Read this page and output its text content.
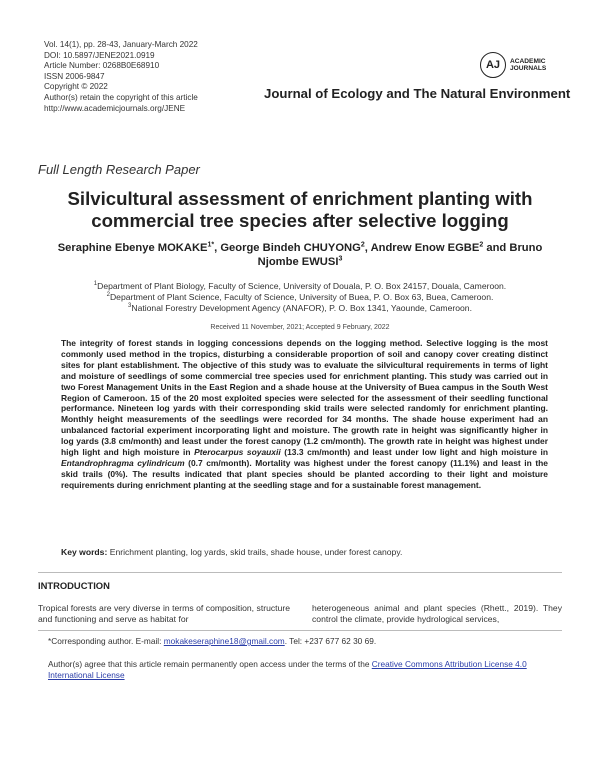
Vol. 14(1), pp. 28-43, January-March 2022
DOI: 10.5897/JENE2021.0919
Article Number: 0268B0E68910
ISSN 2006-9847
Copyright © 2022
Author(s) retain the copyright of this article
http://www.academicjournals.org/JENE
AJ	ACADEMIC
JOURNALS
Journal of Ecology and The Natural Environment
Full Length Research Paper
Silvicultural assessment of enrichment planting with commercial tree species after selective logging
Seraphine Ebenye $MOKAKE^{1*}$, George Bindeh CHUYONG$^2$, Andrew Enow EGBE$^2$ and Bruno Njombe EWUSI$^3$
$^1$Department of Plant Biology, Faculty of Science, University of Douala, P. O. Box 24157, Douala, Cameroon.
$^2$Department of Plant Science, Faculty of Science, University of Buea, P. O. Box 63, Buea, Cameroon.
$^3$National Forestry Development Agency (ANAFOR), P. O. Box 1341, Yaounde, Cameroon.
Received 11 November, 2021; Accepted 9 February, 2022
The integrity of forest stands in logging concessions depends on the logging method. Selective logging is the most commonly used method in the tropics, disturbing a considerable proportion of soil and canopy cover creating distinct sites for plant establishment. The objective of this study was to evaluate the silvicultural requirements in terms of light and moisture of seedlings of some commercial tree species used for enrichment planting. This study was carried out in two Forest Management Units in the East Region and a shade house at the University of Buea campus in the South West Region of Cameroon. 15 of the 20 most exploited species were selected for the assessment of their seedling functional performance. Nineteen log yards with their corresponding skid trails were selected randomly for enrichment planting. Monthly height measurements of the seedlings were recorded for 34 months. The shade house experiment had an unbalanced factorial experiment incorporating light and moisture. The growth rate in height was significantly higher in log yards (3.8 cm/month) and least under the forest canopy (1.2 cm/month). The growth rate in height was highest under high light and high moisture in Pterocarpus soyauxii (13.3 cm/month) and least under low light and high moisture in Entandrophragma cylindricum (0.7 cm/month). Mortality was highest under the forest canopy (11.1%) and least in the skid trails (0%). The results indicated that plant species should be planted according to their light and moisture requirements during enrichment planting at the seedling stage and for a sustainable forest management.
Key words: Enrichment planting, log yards, skid trails, shade house, under forest canopy.
INTRODUCTION

Tropical forests are very diverse in terms of composition, structure and functioning and serve as habitat for

heterogeneous animal and plant species (Rhett., 2019). They control the climate, provide hydrological services,

*Corresponding author. E-mail: mokakeseraphine18@gmail.com. Tel: +237 677 62 30 69.
Author(s) agree that this article remain permanently open access under the terms of the Creative Commons Attribution License 4.0 International License
